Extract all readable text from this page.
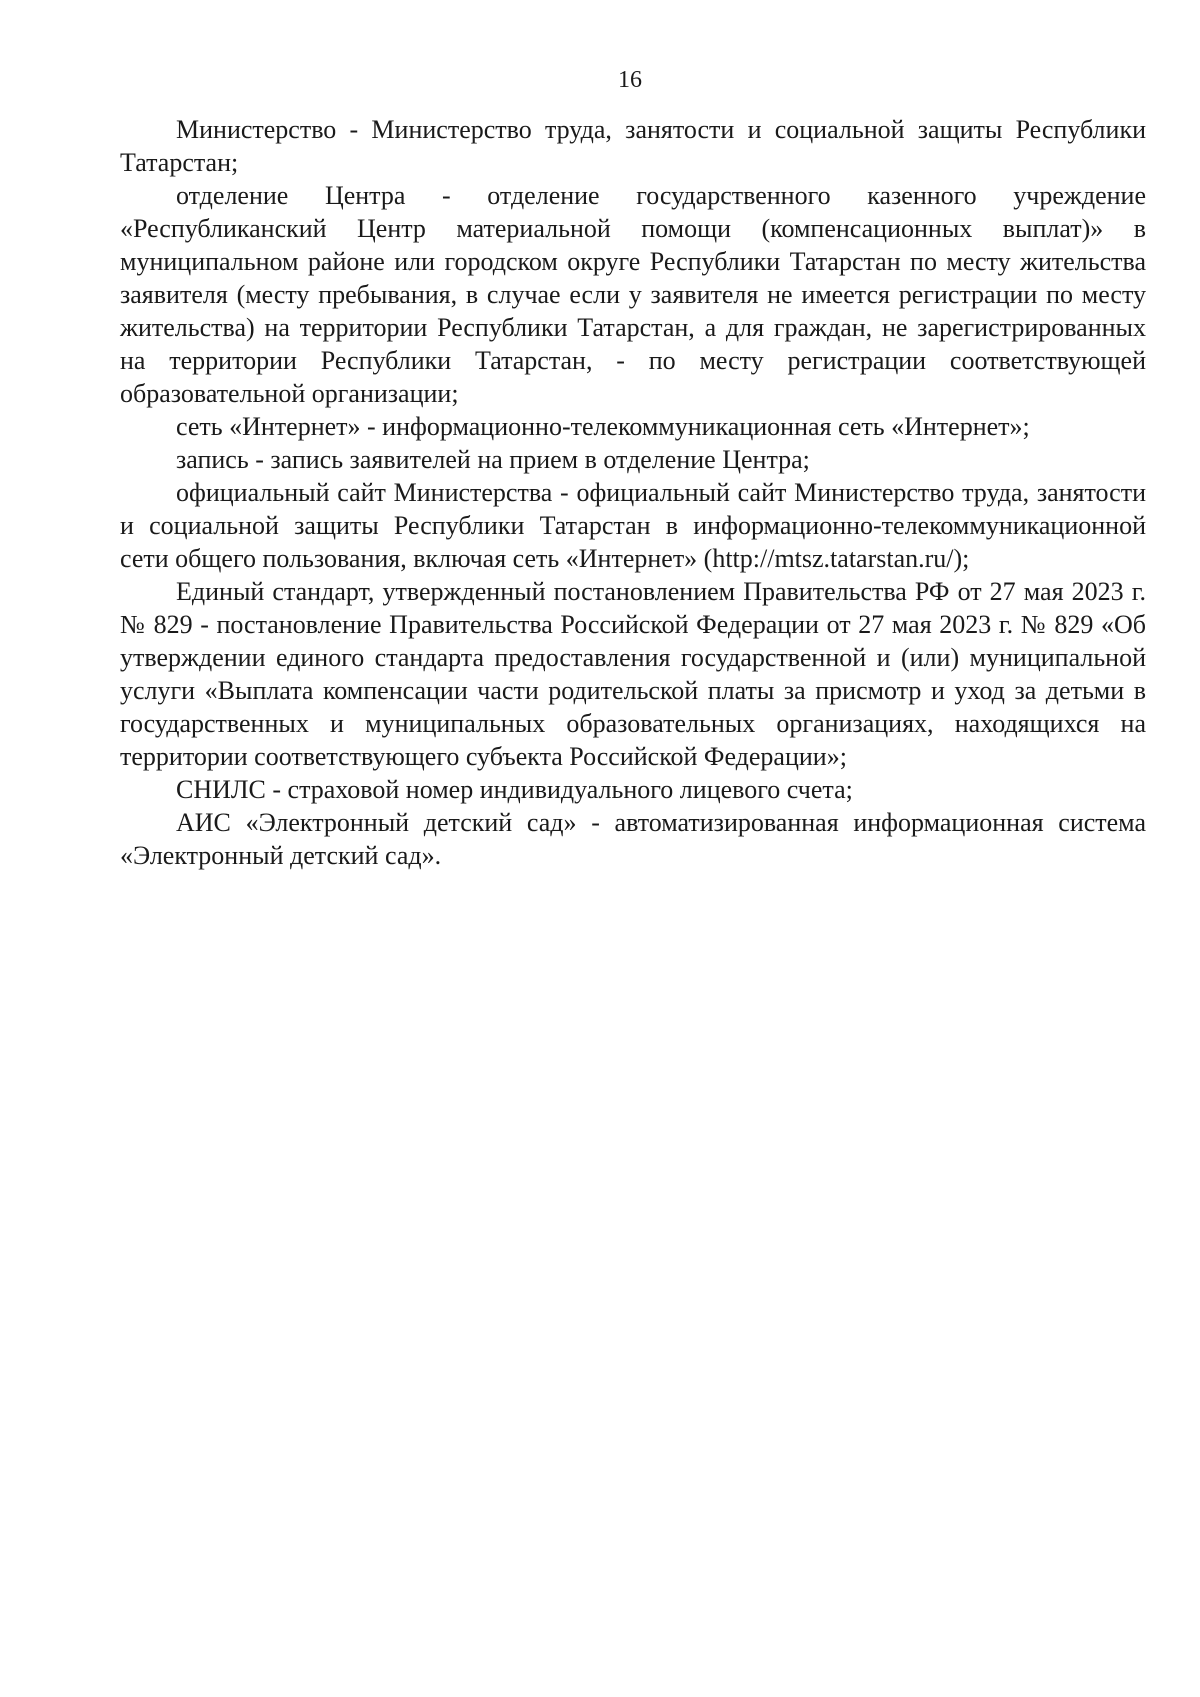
16

Министерство - Министерство труда, занятости и социальной защиты Республики Татарстан;

отделение Центра - отделение государственного казенного учреждение «Республиканский Центр материальной помощи (компенсационных выплат)» в муниципальном районе или городском округе Республики Татарстан по месту жительства заявителя (месту пребывания, в случае если у заявителя не имеется регистрации по месту жительства) на территории Республики Татарстан, а для граждан, не зарегистрированных на территории Республики Татарстан, - по месту регистрации соответствующей образовательной организации;

сеть «Интернет» - информационно-телекоммуникационная сеть «Интернет»;

запись - запись заявителей на прием в отделение Центра;

официальный сайт Министерства - официальный сайт Министерство труда, занятости и социальной защиты Республики Татарстан в информационно-телекоммуникационной сети общего пользования, включая сеть «Интернет» (http://mtsz.tatarstan.ru/);

Единый стандарт, утвержденный постановлением Правительства РФ от 27 мая 2023 г. № 829 - постановление Правительства Российской Федерации от 27 мая 2023 г. № 829 «Об утверждении единого стандарта предоставления государственной и (или) муниципальной услуги «Выплата компенсации части родительской платы за присмотр и уход за детьми в государственных и муниципальных образовательных организациях, находящихся на территории соответствующего субъекта Российской Федерации»;

СНИЛС - страховой номер индивидуального лицевого счета;

АИС «Электронный детский сад» - автоматизированная информационная система «Электронный детский сад».
